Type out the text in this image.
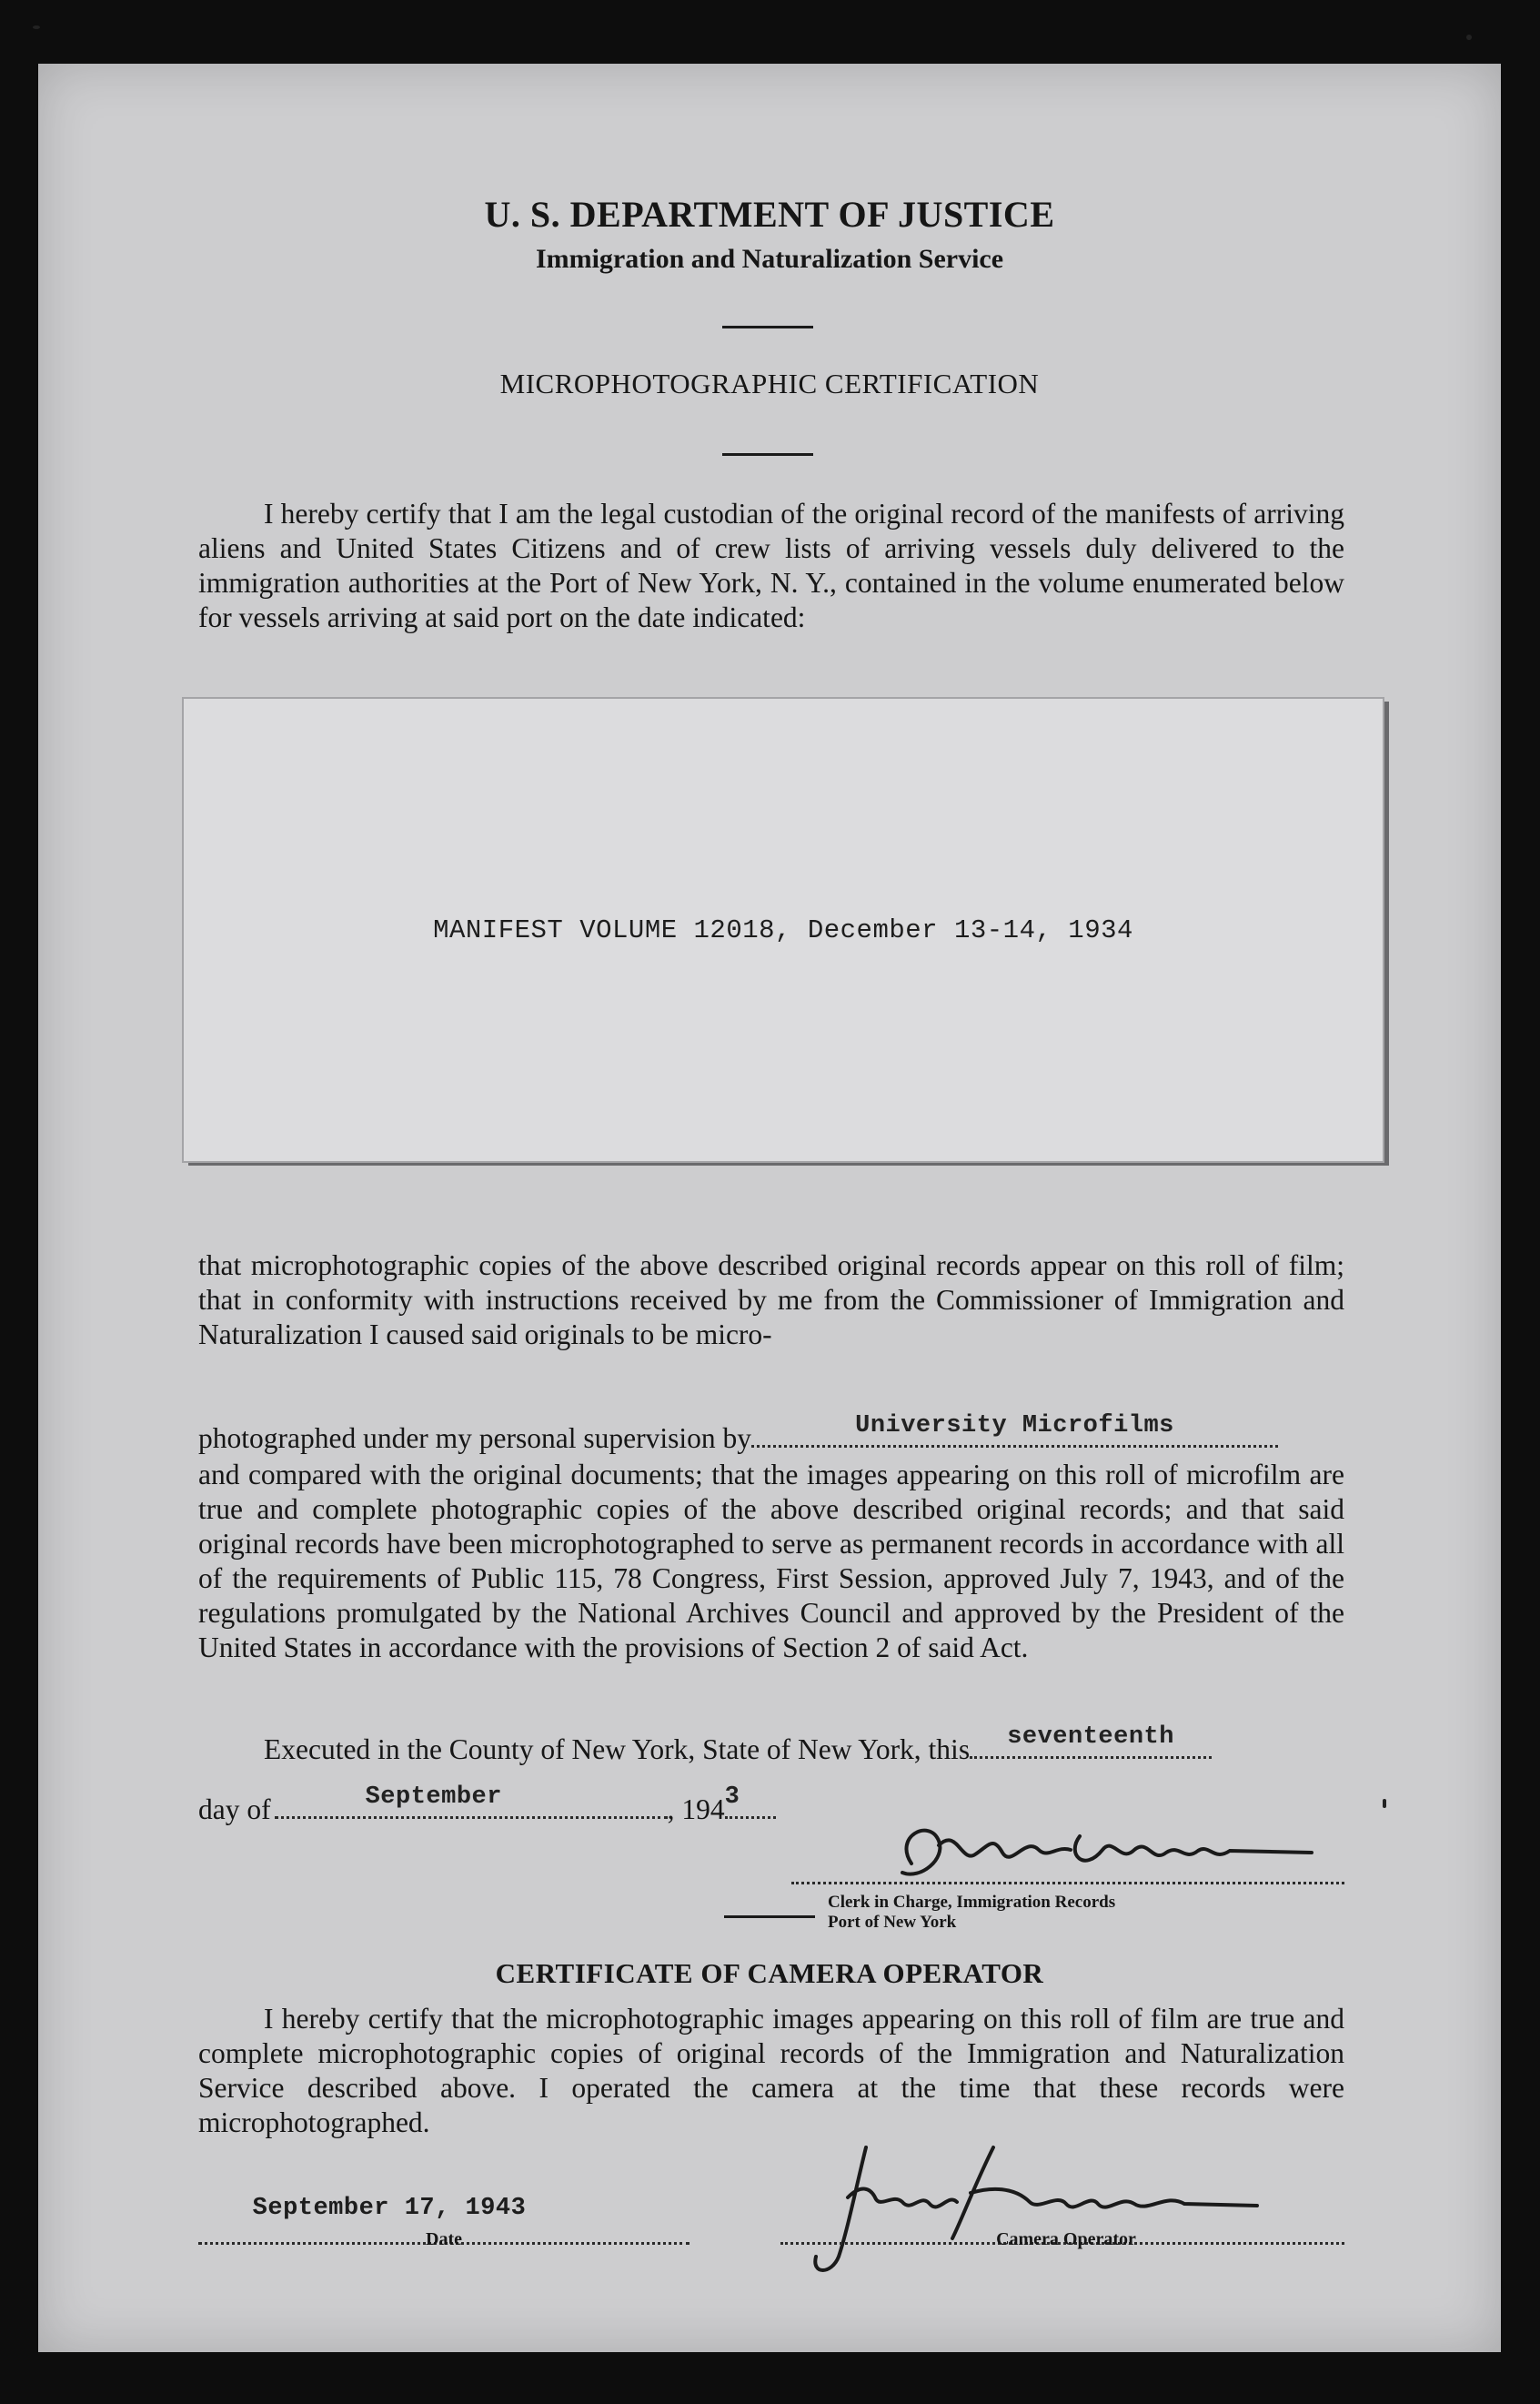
U. S. DEPARTMENT OF JUSTICE
Immigration and Naturalization Service
MICROPHOTOGRAPHIC CERTIFICATION
I hereby certify that I am the legal custodian of the original record of the manifests of arriving aliens and United States Citizens and of crew lists of arriving vessels duly delivered to the immigration authorities at the Port of New York, N. Y., contained in the volume enumerated below for vessels arriving at said port on the date indicated:
MANIFEST VOLUME 12018, December 13-14, 1934
that microphotographic copies of the above described original records appear on this roll of film; that in conformity with instructions received by me from the Commissioner of Immigration and Naturalization I caused said originals to be micro-
photographed under my personal supervision by	University Microfilms
and compared with the original documents; that the images appearing on this roll of microfilm are true and complete photographic copies of the above described original records; and that said original records have been microphotographed to serve as permanent records in accordance with all of the requirements of Public 115, 78 Congress, First Session, approved July 7, 1943, and of the regulations promulgated by the National Archives Council and approved by the President of the United States in accordance with the provisions of Section 2 of said Act.
Executed in the County of New York, State of New York, this	seventeenth
day of	September	, 194 3
Clerk in Charge, Immigration Records
Port of New York
CERTIFICATE OF CAMERA OPERATOR
I hereby certify that the microphotographic images appearing on this roll of film are true and complete microphotographic copies of original records of the Immigration and Naturalization Service described above. I operated the camera at the time that these records were microphotographed.
September 17, 1943
Date	Camera Operator
